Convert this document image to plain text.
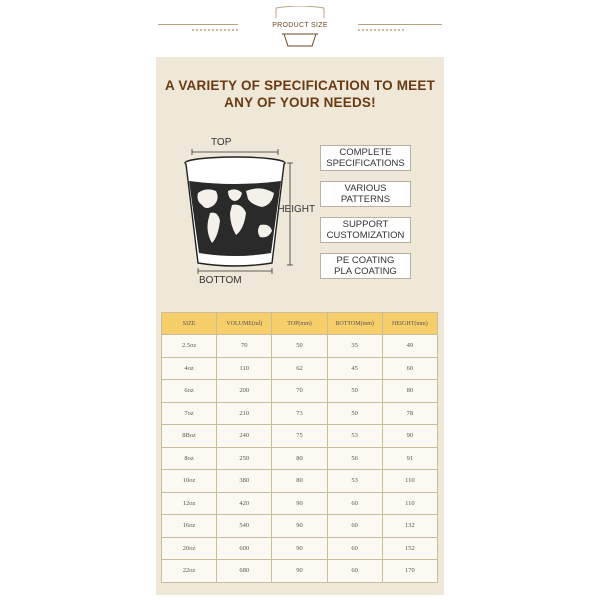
PRODUCT SIZE
A VARIETY OF SPECIFICATION TO MEET
ANY OF YOUR NEEDS!
TOP
·HEIGHT
BOTTOM
COMPLETE
SPECIFICATIONS
VARIOUS
PATTERNS
SUPPORT
CUSTOMIZATION
PE COATING
PLA COATING
SIZE	VOLUME(ml)	TOP(mm)	BOTTOM(mm)	HEIGHT(mm)
2.5oz	70	50	35	49
4oz	110	62	45	60
6oz	200	70	50	80
7oz	210	73	50	78
8Boz	240	75	53	90
8oz	250	80	56	91
10oz	380	80	53	110
12oz	420	90	60	110
16oz	540	90	60	132
20oz	600	90	60	152
22oz	680	90	60	170
